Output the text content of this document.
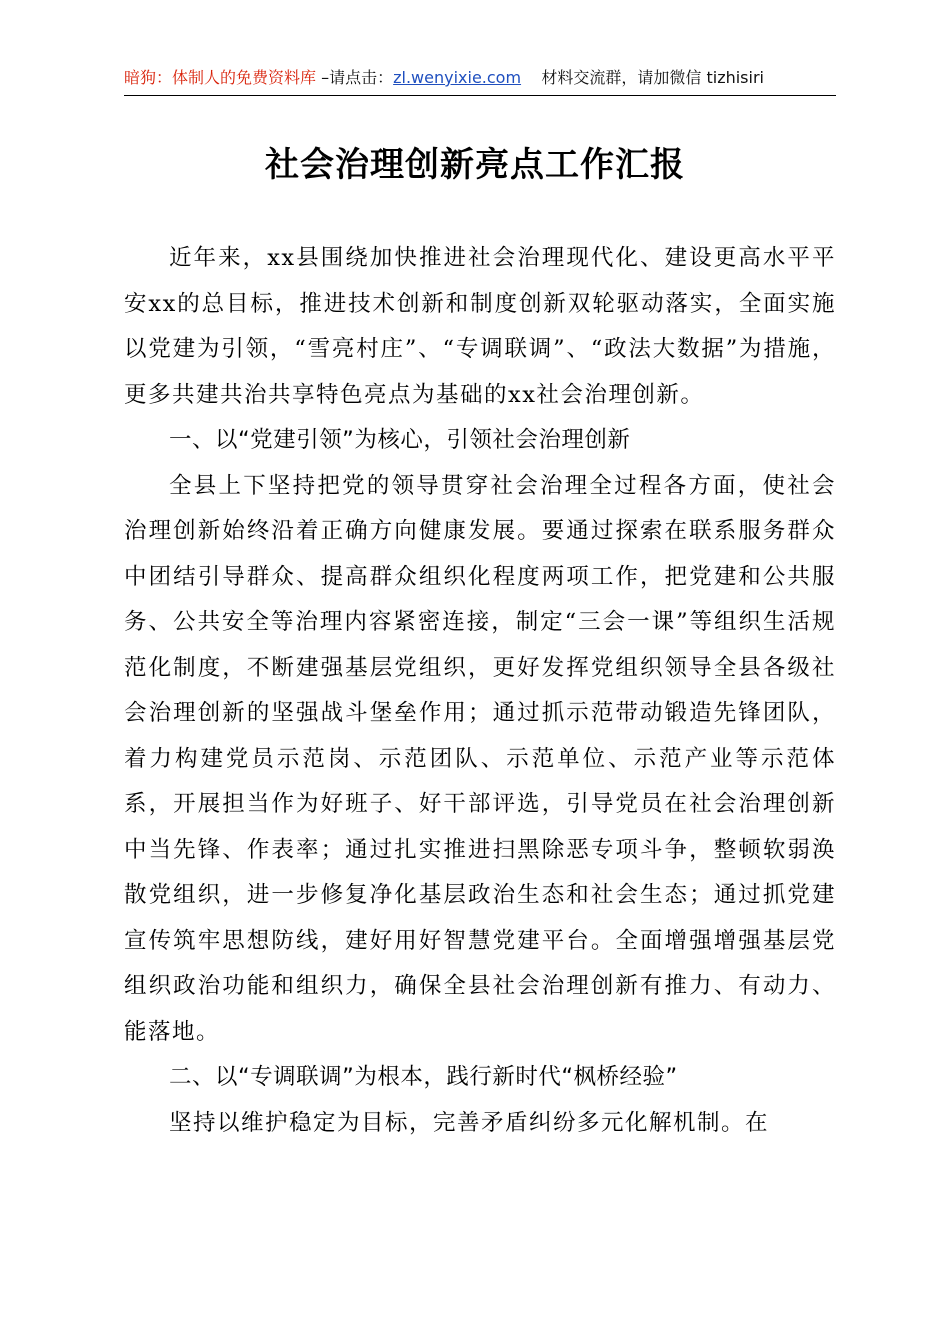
暗狗：体制人的免费资料库 –请点击：zl.wenyixie.com 材料交流群，请加微信 tizhisiri
社会治理创新亮点工作汇报

近年来，xx县围绕加快推进社会治理现代化、建设更高水平平安xx的总目标，推进技术创新和制度创新双轮驱动落实，全面实施以党建为引领，“雪亮村庄”、“专调联调”、“政法大数据”为措施，更多共建共治共享特色亮点为基础的xx社会治理创新。

一、以“党建引领”为核心，引领社会治理创新

全县上下坚持把党的领导贯穿社会治理全过程各方面，使社会治理创新始终沿着正确方向健康发展。要通过探索在联系服务群众中团结引导群众、提高群众组织化程度两项工作，把党建和公共服务、公共安全等治理内容紧密连接，制定“三会一课”等组织生活规范化制度，不断建强基层党组织，更好发挥党组织领导全县各级社会治理创新的坚强战斗堡垒作用；通过抓示范带动锻造先锋团队，着力构建党员示范岗、示范团队、示范单位、示范产业等示范体系，开展担当作为好班子、好干部评选，引导党员在社会治理创新中当先锋、作表率；通过扎实推进扫黑除恶专项斗争，整顿软弱涣散党组织，进一步修复净化基层政治生态和社会生态；通过抓党建宣传筑牢思想防线，建好用好智慧党建平台。全面增强增强基层党组织政治功能和组织力，确保全县社会治理创新有推力、有动力、能落地。

二、以“专调联调”为根本，践行新时代“枫桥经验”

坚持以维护稳定为目标，完善矛盾纠纷多元化解机制。在
